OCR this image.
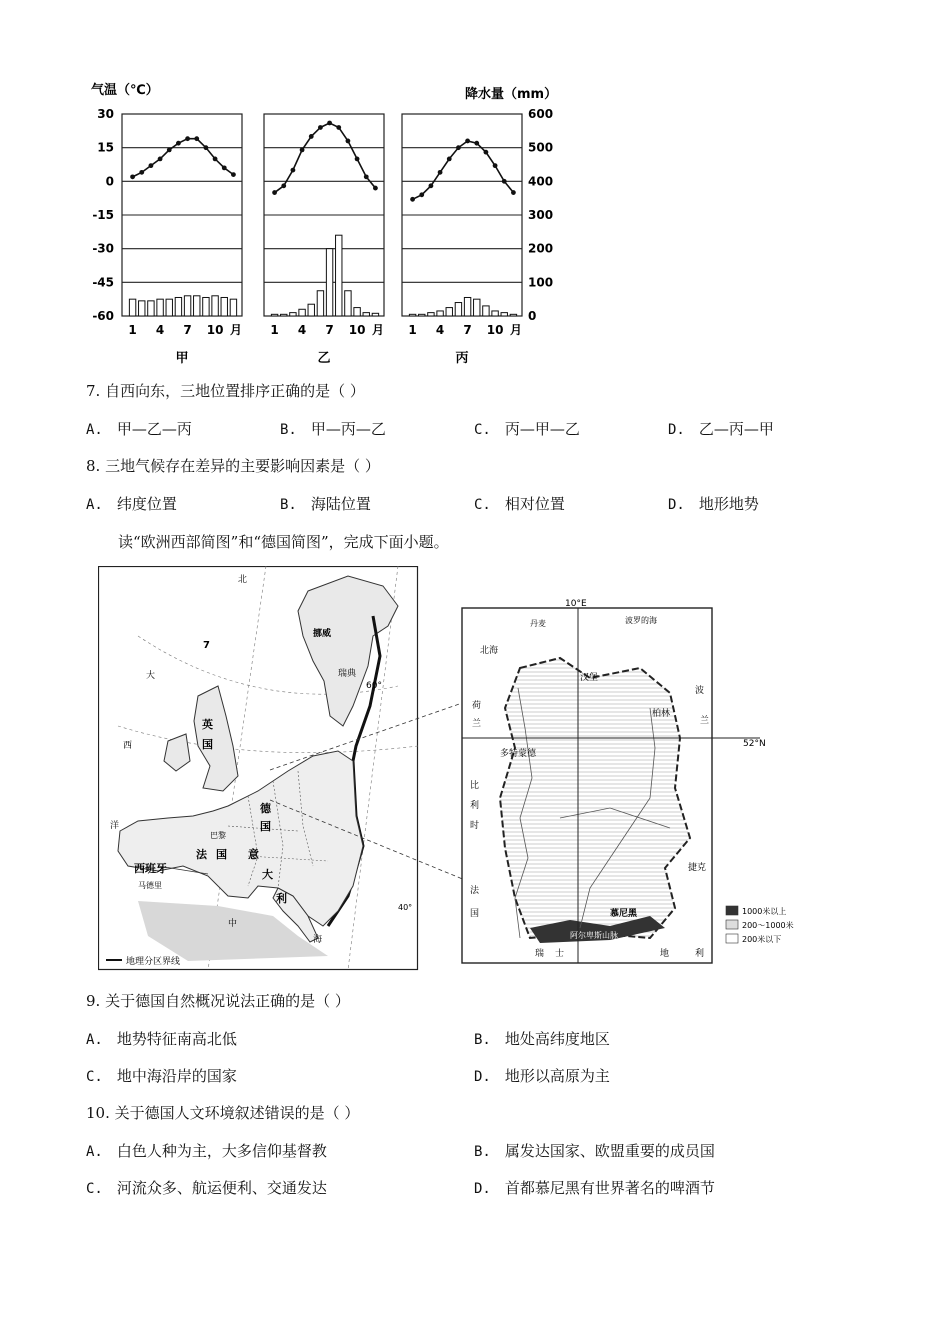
气温（℃）	降水量（mm）
30
15
0
-15
-30
-45
-60
600
500
400
300
200
100
0
1 4 7 10 月
甲
1 4 7 10 月
乙
1 4 7 10 月
丙
7. 自西向东，三地位置排序正确的是（ ）
A. 甲—乙—丙	B. 甲—丙—乙	C. 丙—甲—乙	D. 乙—丙—甲
8. 三地气候存在差异的主要影响因素是（ ）
A. 纬度位置	B. 海陆位置	C. 相对位置	D. 地形地势
读“欧洲西部简图”和“德国简图”，完成下面小题。
北
7
大
西
洋
60°
挪威
瑞典
英
国
德
国
巴黎
法 国
西班牙
马德里
意
大
利
中
海
40°
地理分区界线
10°E
52°N
北海
丹麦	波罗的海
汉堡
柏林
波
兰
荷
兰
多特蒙德
比
利
时
捷克
法
国	慕尼黑
阿尔卑斯山脉
瑞 士	地	利
1000米以上
200～1000米
200米以下
9. 关于德国自然概况说法正确的是（ ）
A. 地势特征南高北低	B. 地处高纬度地区
C. 地中海沿岸的国家	D. 地形以高原为主
10. 关于德国人文环境叙述错误的是（ ）
A. 白色人种为主，大多信仰基督教	B. 属发达国家、欧盟重要的成员国
C. 河流众多、航运便利、交通发达	D. 首都慕尼黑有世界著名的啤酒节
